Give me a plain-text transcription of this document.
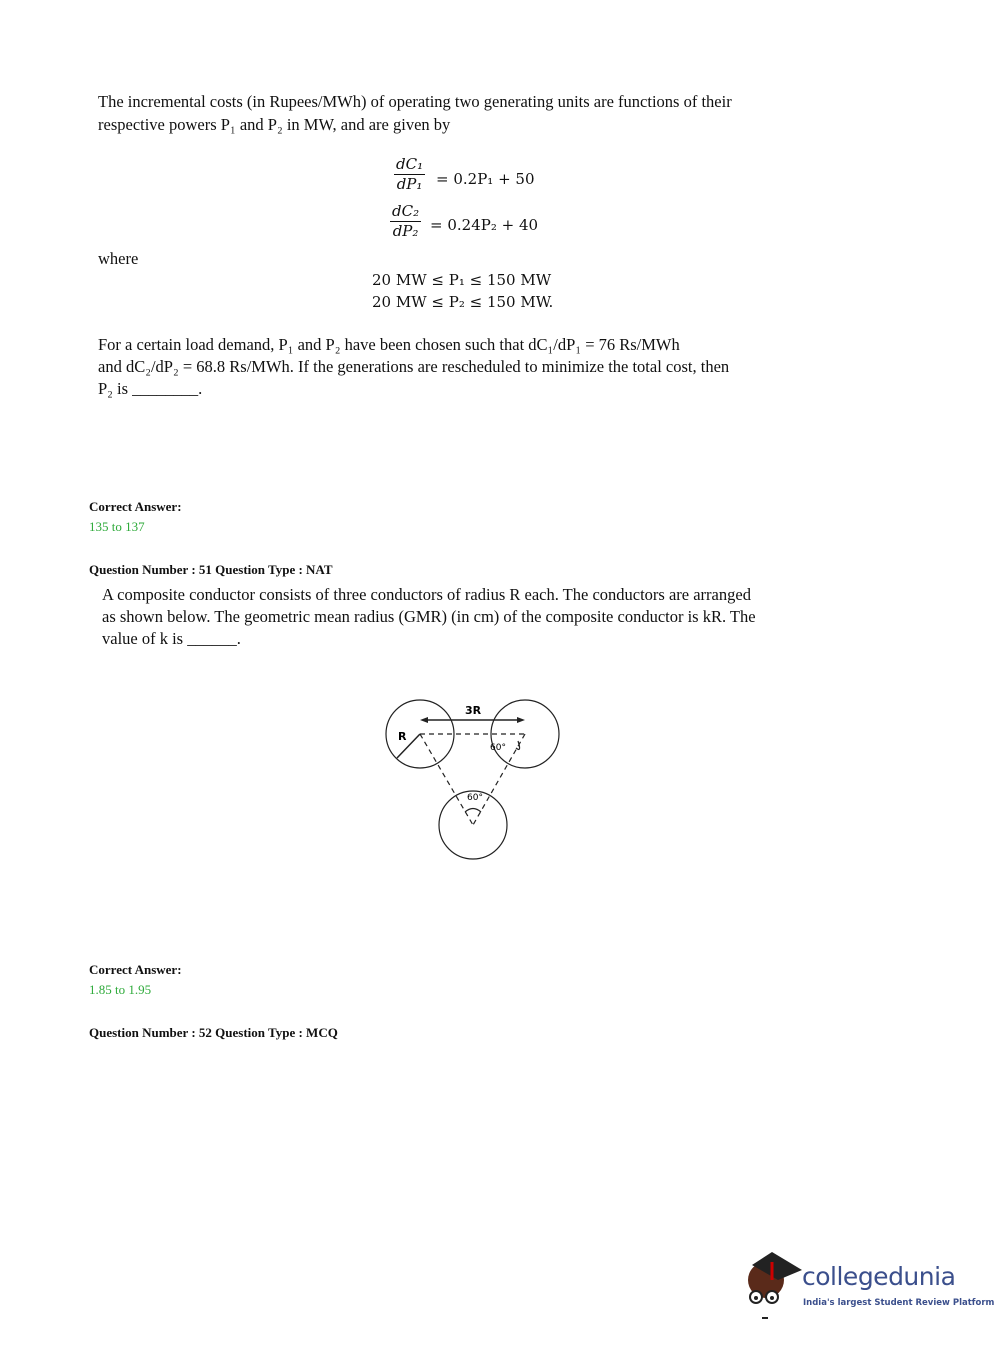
The incremental costs (in Rupees/MWh) of operating two generating units are functions of their
respective powers P₁ and P₂ in MW, and are given by
$\frac{\text{dC₁}}{\text{dP₁}} = 0.2P_1 + 50$
$\frac{\text{dC₂}}{\text{dP₂}} = 0.24P_2 + 40$
where
20 MW ≤ P₁ ≤ 150 MW
20 MW ≤ P₂ ≤ 150 MW.
For a certain load demand, P₁ and P₂ have been chosen such that dC₁/dP₁ = 76 Rs/MWh
and dC₂/dP₂ = 68.8 Rs/MWh. If the generations are rescheduled to minimize the total cost, then
P₂ is ________.
Correct Answer:
135 to 137
Question Number : 51 Question Type : NAT
A composite conductor consists of three conductors of radius R each. The conductors are arranged
as shown below. The geometric mean radius (GMR) (in cm) of the composite conductor is kR. The
value of k is ______.
3R
R
60°
60°
Correct Answer:
1.85 to 1.95
Question Number : 52 Question Type : MCQ
collegedunia
India's largest Student Review Platform
